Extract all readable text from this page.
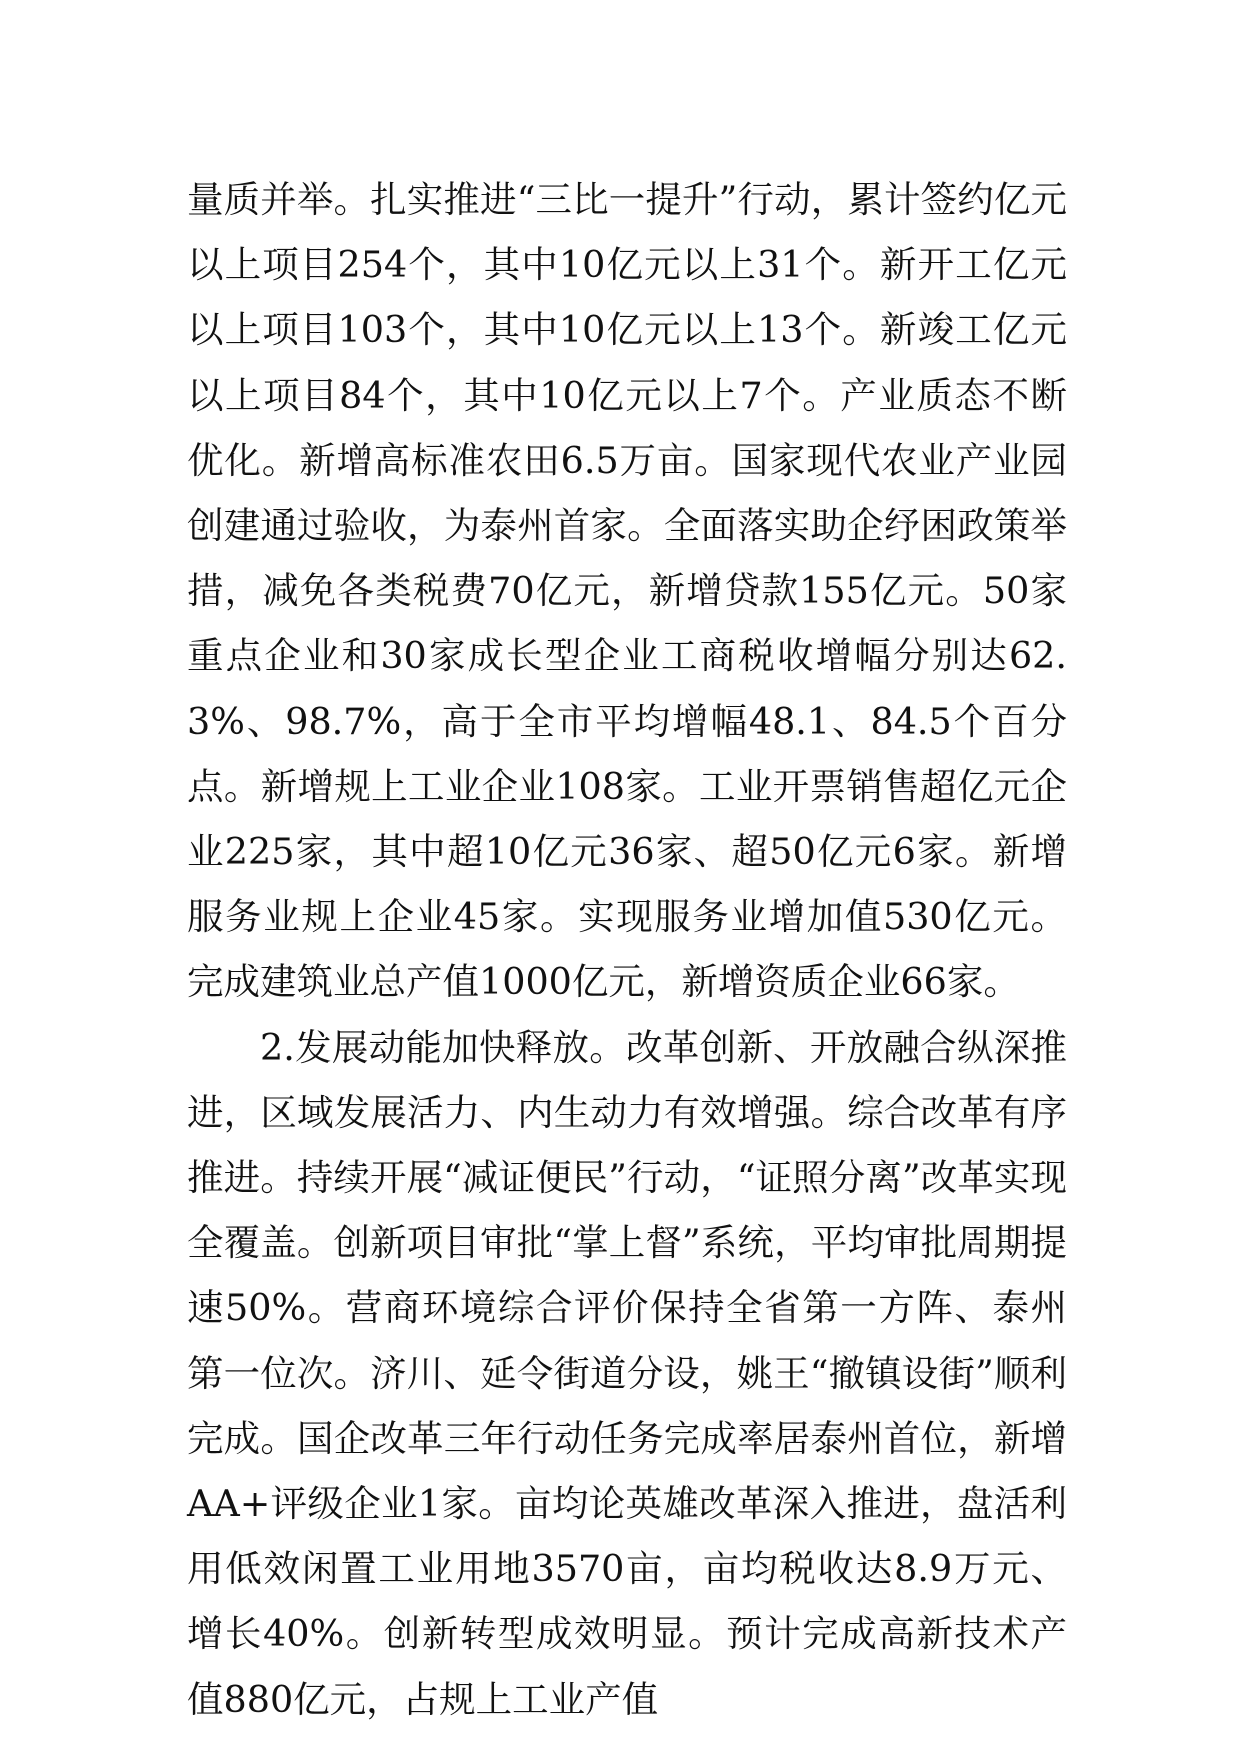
量质并举。扎实推进“三比一提升”行动，累计签约亿元以上项目254个，其中10亿元以上31个。新开工亿元以上项目103个，其中10亿元以上13个。新竣工亿元以上项目84个，其中10亿元以上7个。产业质态不断优化。新增高标准农田6.5万亩。国家现代农业产业园创建通过验收，为泰州首家。全面落实助企纾困政策举措，减免各类税费70亿元，新增贷款155亿元。50家重点企业和30家成长型企业工商税收增幅分别达62.3%、98.7%，高于全市平均增幅48.1、84.5个百分点。新增规上工业企业108家。工业开票销售超亿元企业225家，其中超10亿元36家、超50亿元6家。新增服务业规上企业45家。实现服务业增加值530亿元。完成建筑业总产值1000亿元，新增资质企业66家。

2.发展动能加快释放。改革创新、开放融合纵深推进，区域发展活力、内生动力有效增强。综合改革有序推进。持续开展“减证便民”行动，“证照分离”改革实现全覆盖。创新项目审批“掌上督”系统，平均审批周期提速50%。营商环境综合评价保持全省第一方阵、泰州第一位次。济川、延令街道分设，姚王“撤镇设街”顺利完成。国企改革三年行动任务完成率居泰州首位，新增AA+评级企业1家。亩均论英雄改革深入推进，盘活利用低效闲置工业用地3570亩，亩均税收达8.9万元、增长40%。创新转型成效明显。预计完成高新技术产值880亿元，占规上工业产值
